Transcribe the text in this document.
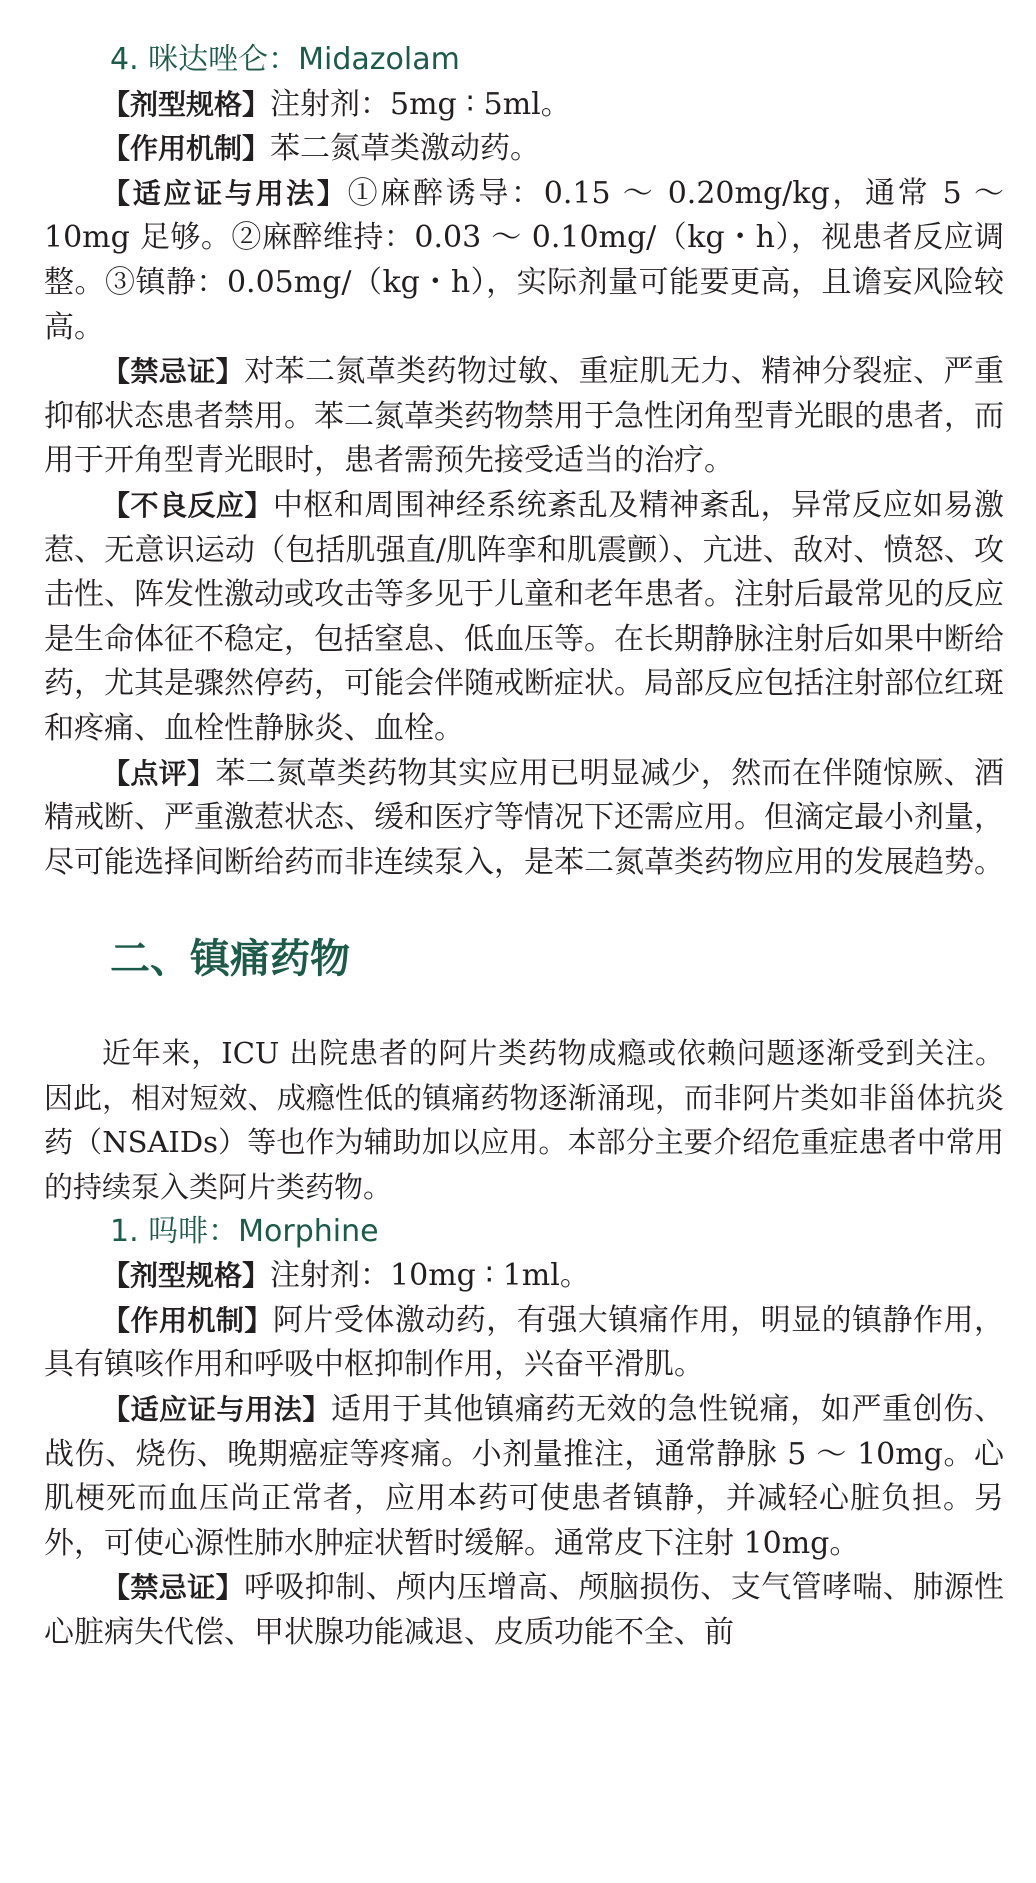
4. 咪达唑仑：Midazolam

【剂型规格】注射剂：5mg ∶ 5ml。

【作用机制】苯二氮䓬类激动药。

【适应证与用法】①麻醉诱导：0.15 ～ 0.20mg/kg，通常 5 ～ 10mg 足够。②麻醉维持：0.03 ～ 0.10mg/（kg・h），视患者反应调整。③镇静：0.05mg/（kg・h），实际剂量可能要更高，且谵妄风险较高。

【禁忌证】对苯二氮䓬类药物过敏、重症肌无力、精神分裂症、严重抑郁状态患者禁用。苯二氮䓬类药物禁用于急性闭角型青光眼的患者，而用于开角型青光眼时，患者需预先接受适当的治疗。

【不良反应】中枢和周围神经系统紊乱及精神紊乱，异常反应如易激惹、无意识运动（包括肌强直/肌阵挛和肌震颤）、亢进、敌对、愤怒、攻击性、阵发性激动或攻击等多见于儿童和老年患者。注射后最常见的反应是生命体征不稳定，包括窒息、低血压等。在长期静脉注射后如果中断给药，尤其是骤然停药，可能会伴随戒断症状。局部反应包括注射部位红斑和疼痛、血栓性静脉炎、血栓。

【点评】苯二氮䓬类药物其实应用已明显减少，然而在伴随惊厥、酒精戒断、严重激惹状态、缓和医疗等情况下还需应用。但滴定最小剂量，尽可能选择间断给药而非连续泵入，是苯二氮䓬类药物应用的发展趋势。

二、镇痛药物

近年来，ICU 出院患者的阿片类药物成瘾或依赖问题逐渐受到关注。因此，相对短效、成瘾性低的镇痛药物逐渐涌现，而非阿片类如非甾体抗炎药（NSAIDs）等也作为辅助加以应用。本部分主要介绍危重症患者中常用的持续泵入类阿片类药物。

1. 吗啡：Morphine

【剂型规格】注射剂：10mg ∶ 1ml。

【作用机制】阿片受体激动药，有强大镇痛作用，明显的镇静作用，具有镇咳作用和呼吸中枢抑制作用，兴奋平滑肌。

【适应证与用法】适用于其他镇痛药无效的急性锐痛，如严重创伤、战伤、烧伤、晚期癌症等疼痛。小剂量推注，通常静脉 5 ～ 10mg。心肌梗死而血压尚正常者，应用本药可使患者镇静，并减轻心脏负担。另外，可使心源性肺水肿症状暂时缓解。通常皮下注射 10mg。

【禁忌证】呼吸抑制、颅内压增高、颅脑损伤、支气管哮喘、肺源性心脏病失代偿、甲状腺功能减退、皮质功能不全、前
